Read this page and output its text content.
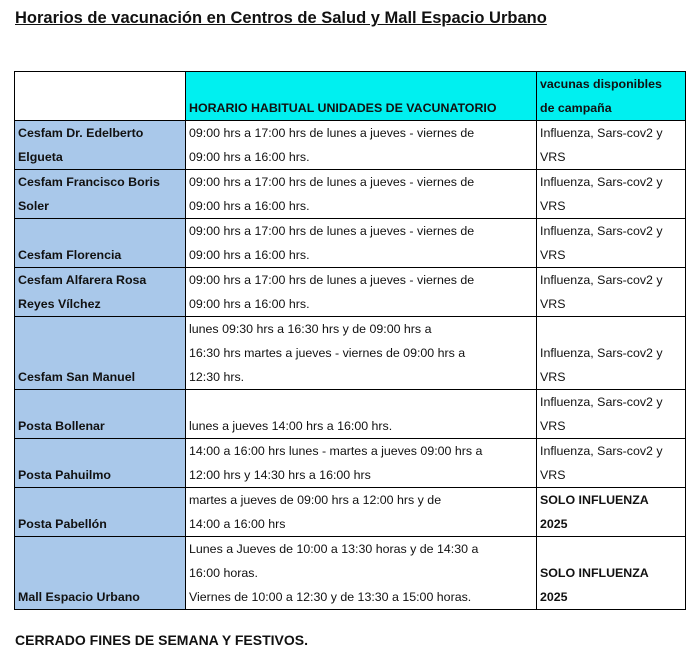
Horarios de vacunación en Centros de Salud y Mall Espacio Urbano

	HORARIO HABITUAL UNIDADES DE VACUNATORIO	vacunas disponibles
de campaña

Cesfam Dr. Edelberto
Elgueta	09:00 hrs a 17:00 hrs de lunes a jueves - viernes de
09:00 hrs a 16:00 hrs.	Influenza, Sars-cov2 y
VRS

Cesfam Francisco Boris
Soler	09:00 hrs a 17:00 hrs de lunes a jueves - viernes de
09:00 hrs a 16:00 hrs.	Influenza, Sars-cov2 y
VRS

Cesfam Florencia	09:00 hrs a 17:00 hrs de lunes a jueves - viernes de
09:00 hrs a 16:00 hrs.	Influenza, Sars-cov2 y
VRS

Cesfam Alfarera Rosa
Reyes Vílchez	09:00 hrs a 17:00 hrs de lunes a jueves - viernes de
09:00 hrs a 16:00 hrs.	Influenza, Sars-cov2 y
VRS

Cesfam San Manuel	lunes 09:30 hrs a 16:30 hrs y de 09:00 hrs a
16:30 hrs martes a jueves - viernes de 09:00 hrs a
12:30 hrs.	Influenza, Sars-cov2 y
VRS

Posta Bollenar	lunes a jueves 14:00 hrs a 16:00 hrs.	Influenza, Sars-cov2 y
VRS

Posta Pahuilmo	14:00 a 16:00 hrs lunes - martes a jueves 09:00 hrs a
12:00 hrs y 14:30 hrs a 16:00 hrs	Influenza, Sars-cov2 y
VRS

Posta Pabellón	martes a jueves de 09:00 hrs a 12:00 hrs y de
14:00 a 16:00 hrs	SOLO INFLUENZA
2025

Mall Espacio Urbano	Lunes a Jueves de 10:00 a 13:30 horas y de 14:30 a
16:00 horas.
Viernes de 10:00 a 12:30 y de 13:30 a 15:00 horas.	SOLO INFLUENZA
2025
CERRADO FINES DE SEMANA Y FESTIVOS.
